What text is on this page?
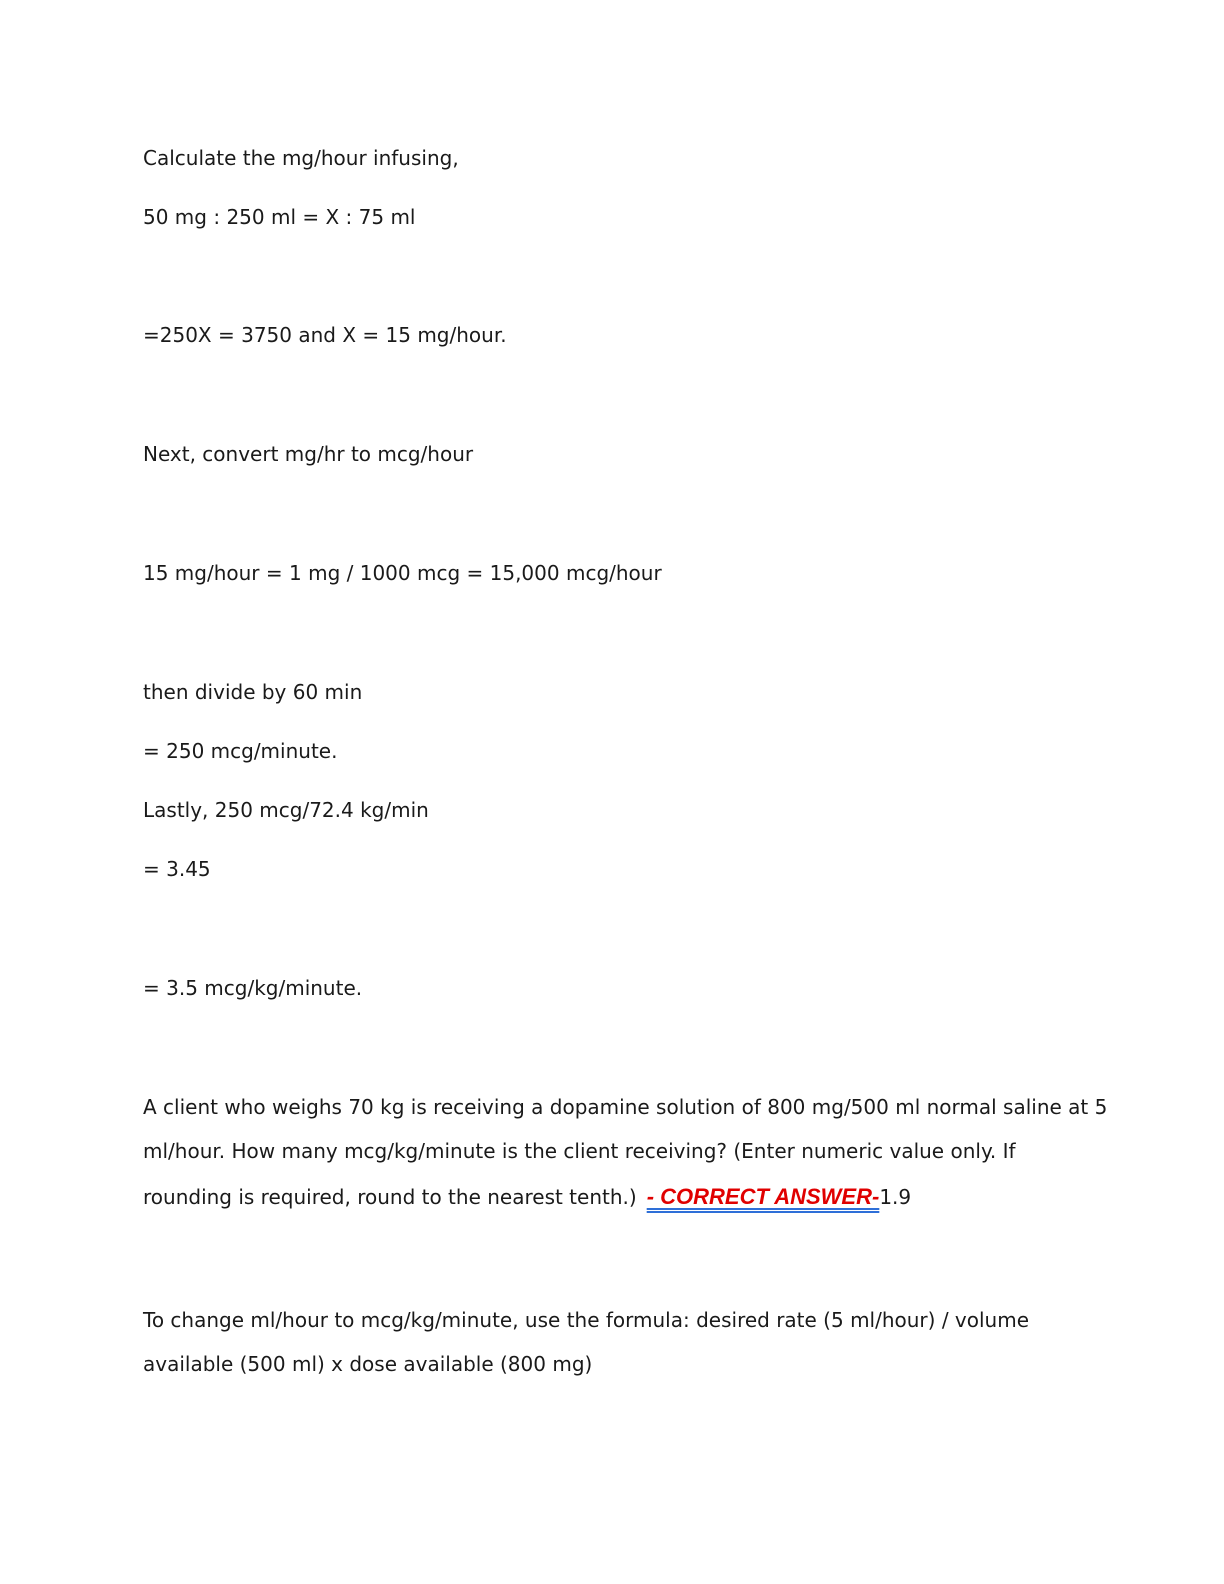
Calculate the mg/hour infusing,
50 mg : 250 ml = X : 75 ml
=250X = 3750 and X = 15 mg/hour.
Next, convert mg/hr to mcg/hour
15 mg/hour = 1 mg / 1000 mcg = 15,000 mcg/hour
then divide by 60 min
= 250 mcg/minute.
Lastly, 250 mcg/72.4 kg/min
= 3.45
= 3.5 mcg/kg/minute.
A client who weighs 70 kg is receiving a dopamine solution of 800 mg/500 ml normal saline at 5
ml/hour. How many mcg/kg/minute is the client receiving? (Enter numeric value only. If
rounding is required, round to the nearest tenth.) - CORRECT ANSWER-1.9
To change ml/hour to mcg/kg/minute, use the formula: desired rate (5 ml/hour) / volume
available (500 ml) x dose available (800 mg)
